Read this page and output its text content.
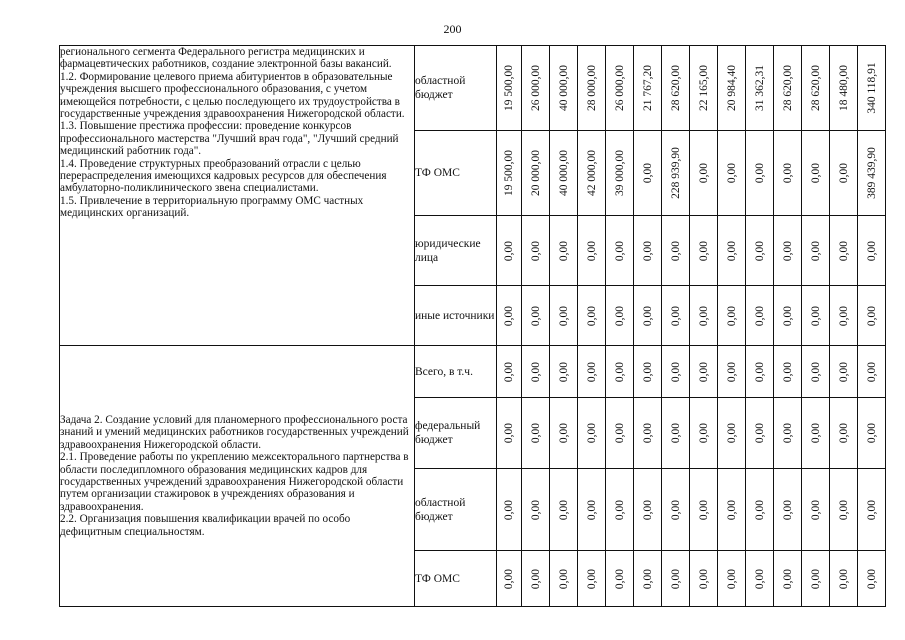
200

регионального сегмента Федерального регистра медицинских и фармацевтических работников, создание электронной базы вакансий.

1.2. Формирование целевого приема абитуриентов в образовательные учреждения высшего профессионального образования, с учетом имеющейся потребности, с целью последующего их трудоустройства в государственные учреждения здравоохранения Нижегородской области.

1.3. Повышение престижа профессии: проведение конкурсов профессионального мастерства "Лучший врач года", "Лучший средний медицинский работник года".

1.4. Проведение структурных преобразований отрасли с целью перераспределения имеющихся кадровых ресурсов для обеспечения амбулаторно-поликлинического звена специалистами.

1.5. Привлечение в территориальную программу ОМС частных медицинских организаций.	областной бюджет	19 500,00	26 000,00	40 000,00	28 000,00	26 000,00	21 767,20	28 620,00	22 165,00	20 984,40	31 362,31	28 620,00	28 620,00	18 480,00	340 118,91

	ТФ ОМС	19 500,00	20 000,00	40 000,00	42 000,00	39 000,00	0,00	228 939,90	0,00	0,00	0,00	0,00	0,00	0,00	389 439,90

	юридические лица	0,00	0,00	0,00	0,00	0,00	0,00	0,00	0,00	0,00	0,00	0,00	0,00	0,00	0,00

	иные источники	0,00	0,00	0,00	0,00	0,00	0,00	0,00	0,00	0,00	0,00	0,00	0,00	0,00	0,00

Задача 2. Создание условий для планомерного профессионального роста знаний и умений медицинских работников государственных учреждений здравоохранения Нижегородской области.

2.1. Проведение работы по укреплению межсекторального партнерства в области последипломного образования медицинских кадров для государственных учреждений здравоохранения Нижегородской области путем организации стажировок в учреждениях образования и здравоохранения.

2.2. Организация повышения квалификации врачей по особо дефицитным специальностям.	Всего, в т.ч.	0,00	0,00	0,00	0,00	0,00	0,00	0,00	0,00	0,00	0,00	0,00	0,00	0,00	0,00

	федеральный бюджет	0,00	0,00	0,00	0,00	0,00	0,00	0,00	0,00	0,00	0,00	0,00	0,00	0,00	0,00

	областной бюджет	0,00	0,00	0,00	0,00	0,00	0,00	0,00	0,00	0,00	0,00	0,00	0,00	0,00	0,00

	ТФ ОМС	0,00	0,00	0,00	0,00	0,00	0,00	0,00	0,00	0,00	0,00	0,00	0,00	0,00	0,00
